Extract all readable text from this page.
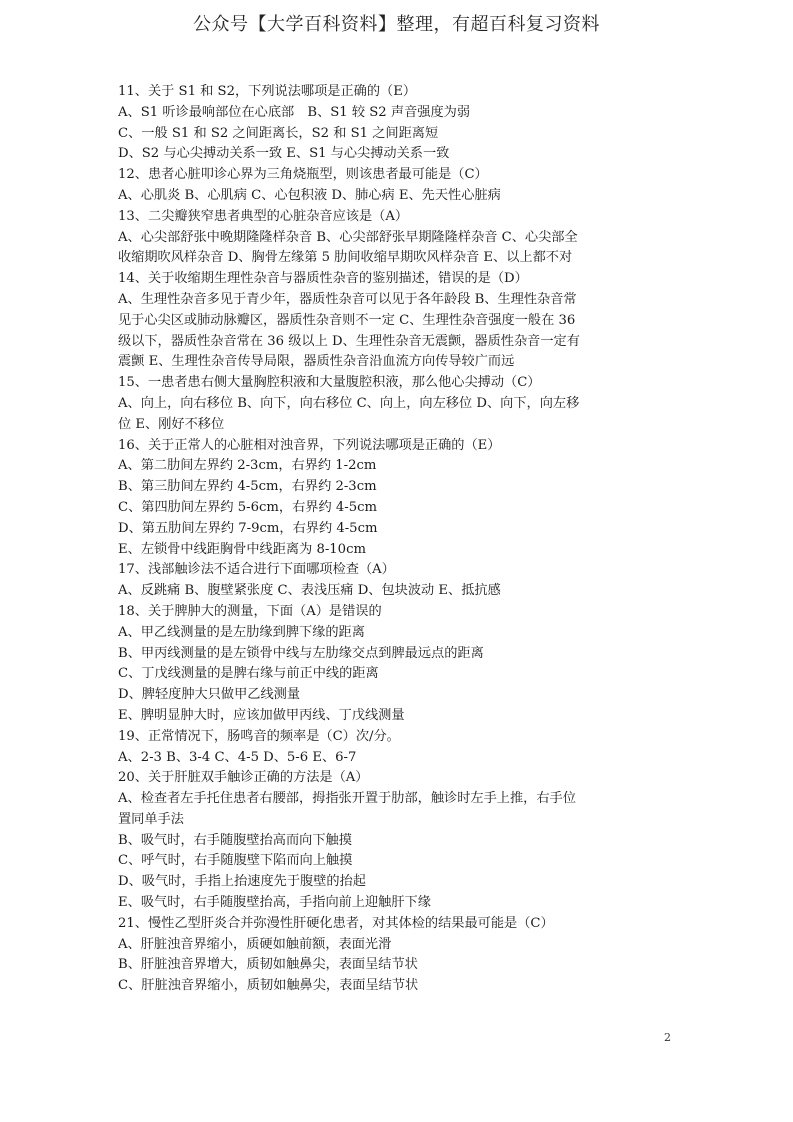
公众号【大学百科资料】整理，有超百科复习资料
11、关于 S1 和 S2，下列说法哪项是正确的（E）
A、S1 听诊最响部位在心底部　B、S1 较 S2 声音强度为弱
C、一般 S1 和 S2 之间距离长，S2 和 S1 之间距离短
D、S2 与心尖搏动关系一致 E、S1 与心尖搏动关系一致
12、患者心脏叩诊心界为三角烧瓶型，则该患者最可能是（C）
A、心肌炎 B、心肌病 C、心包积液 D、肺心病 E、先天性心脏病
13、二尖瓣狭窄患者典型的心脏杂音应该是（A）
A、心尖部舒张中晚期隆隆样杂音 B、心尖部舒张早期隆隆样杂音 C、心尖部全
收缩期吹风样杂音 D、胸骨左缘第 5 肋间收缩早期吹风样杂音 E、以上都不对
14、关于收缩期生理性杂音与器质性杂音的鉴别描述，错误的是（D）
A、生理性杂音多见于青少年，器质性杂音可以见于各年龄段 B、生理性杂音常
见于心尖区或肺动脉瓣区，器质性杂音则不一定 C、生理性杂音强度一般在 36
级以下，器质性杂音常在 36 级以上 D、生理性杂音无震颤，器质性杂音一定有
震颤 E、生理性杂音传导局限，器质性杂音沿血流方向传导较广而远
15、一患者患右侧大量胸腔积液和大量腹腔积液，那么他心尖搏动（C）
A、向上，向右移位 B、向下，向右移位 C、向上，向左移位 D、向下，向左移
位 E、刚好不移位
16、关于正常人的心脏相对浊音界，下列说法哪项是正确的（E）
A、第二肋间左界约 2-3cm，右界约 1-2cm
B、第三肋间左界约 4-5cm，右界约 2-3cm
C、第四肋间左界约 5-6cm，右界约 4-5cm
D、第五肋间左界约 7-9cm，右界约 4-5cm
E、左锁骨中线距胸骨中线距离为 8-10cm
17、浅部触诊法不适合进行下面哪项检查（A）
A、反跳痛 B、腹壁紧张度 C、表浅压痛 D、包块波动 E、抵抗感
18、关于脾肿大的测量，下面（A）是错误的
A、甲乙线测量的是左肋缘到脾下缘的距离
B、甲丙线测量的是左锁骨中线与左肋缘交点到脾最远点的距离
C、丁戊线测量的是脾右缘与前正中线的距离
D、脾轻度肿大只做甲乙线测量
E、脾明显肿大时，应该加做甲丙线、丁戊线测量
19、正常情况下，肠鸣音的频率是（C）次/分。
A、2-3 B、3-4 C、4-5 D、5-6 E、6-7
20、关于肝脏双手触诊正确的方法是（A）
A、检查者左手托住患者右腰部，拇指张开置于肋部，触诊时左手上推，右手位
置同单手法
B、吸气时，右手随腹壁抬高而向下触摸
C、呼气时，右手随腹壁下陷而向上触摸
D、吸气时，手指上抬速度先于腹壁的抬起
E、吸气时，右手随腹壁抬高，手指向前上迎触肝下缘
21、慢性乙型肝炎合并弥漫性肝硬化患者，对其体检的结果最可能是（C）
A、肝脏浊音界缩小，质硬如触前额，表面光滑
B、肝脏浊音界增大，质韧如触鼻尖，表面呈结节状
C、肝脏浊音界缩小，质韧如触鼻尖，表面呈结节状
2
